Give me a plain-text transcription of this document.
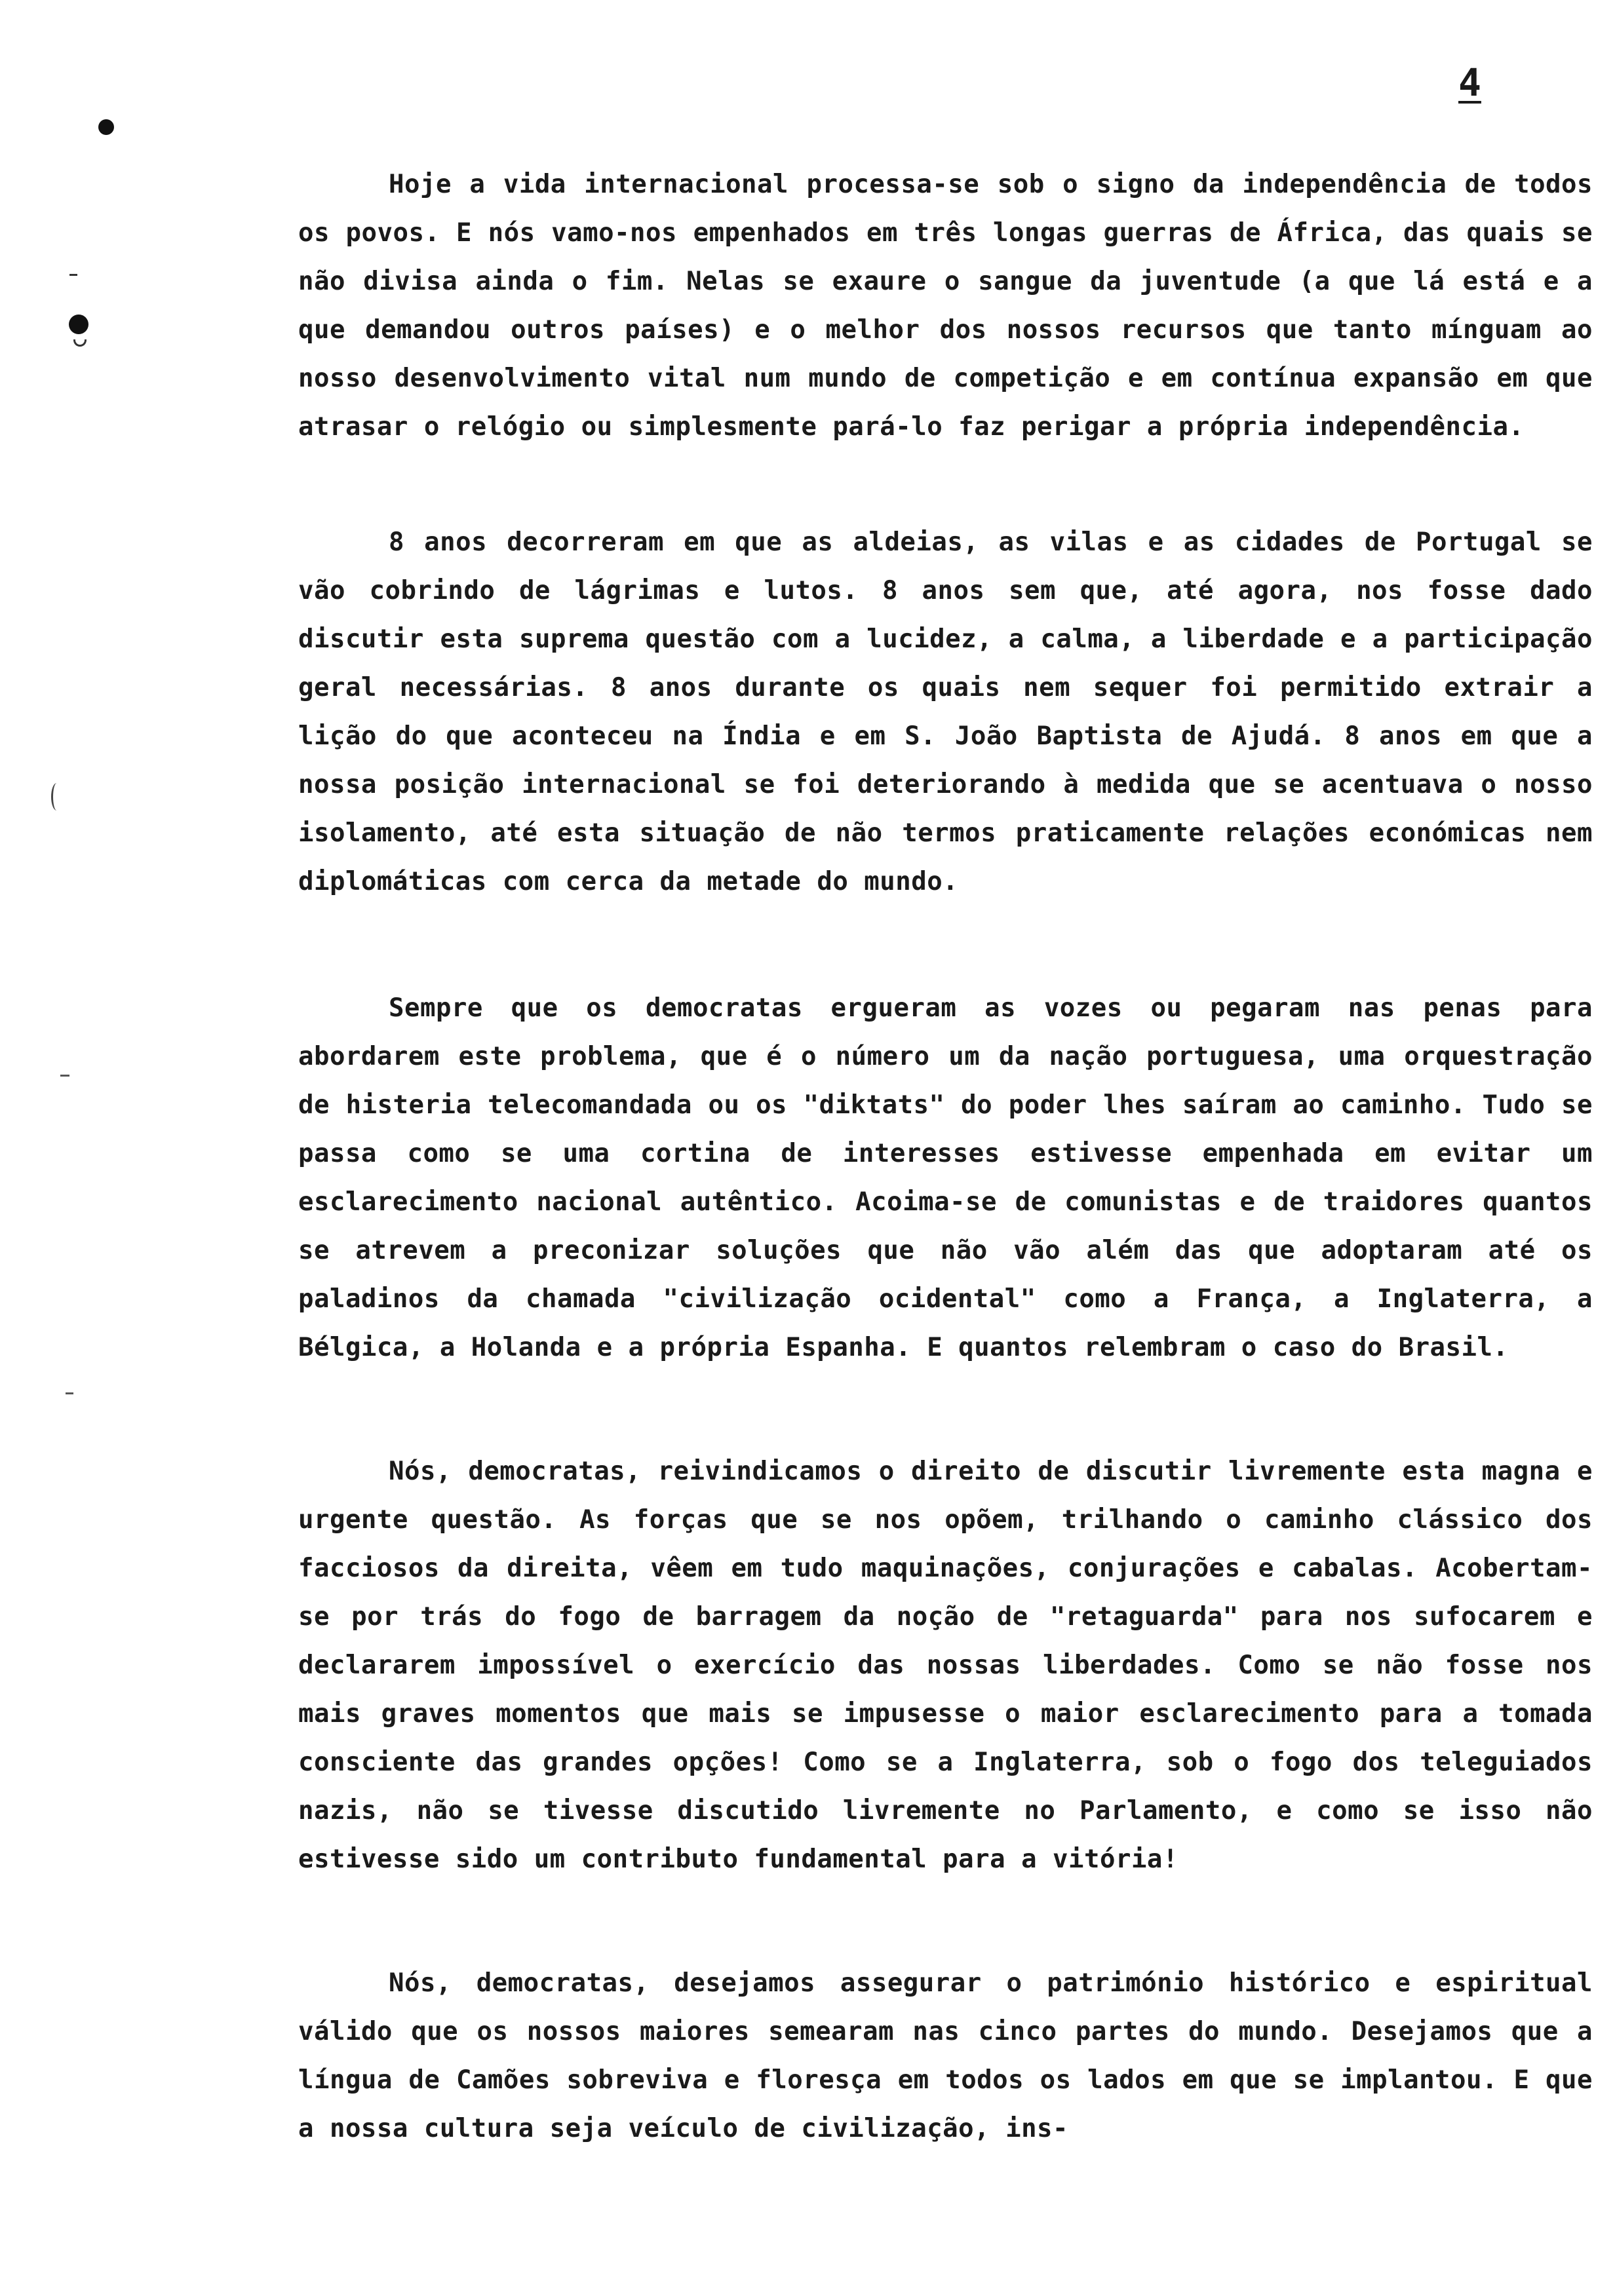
4

Hoje a vida internacional processa-se sob o signo da independência de todos os povos. E nós vamo-nos empenhados em três longas guerras de África, das quais se não divisa ainda o fim. Nelas se exaure o sangue da juventude (a que lá está e a que demandou outros países) e o melhor dos nossos recursos que tanto mínguam ao nosso desenvolvimento vital num mundo de competição e em contínua expansão em que atrasar o relógio ou simplesmente pará-lo faz perigar a própria independência.

8 anos decorreram em que as aldeias, as vilas e as cidades de Portugal se vão cobrindo de lágrimas e lutos. 8 anos sem que, até agora, nos fosse dado discutir esta suprema questão com a lucidez, a calma, a liberdade e a participação geral necessárias. 8 anos durante os quais nem sequer foi permitido extrair a lição do que aconteceu na Índia e em S. João Baptista de Ajudá. 8 anos em que a nossa posição internacional se foi deteriorando à medida que se acentuava o nosso isolamento, até esta situação de não termos praticamente relações económicas nem diplomáticas com cerca da metade do mundo.

Sempre que os democratas ergueram as vozes ou pegaram nas penas para abordarem este problema, que é o número um da nação portuguesa, uma orquestração de histeria telecomandada ou os "diktats" do poder lhes saíram ao caminho. Tudo se passa como se uma cortina de interesses estivesse empenhada em evitar um esclarecimento nacional autêntico. Acoima-se de comunistas e de traidores quantos se atrevem a preconizar soluções que não vão além das que adoptaram até os paladinos da chamada "civilização ocidental" como a França, a Inglaterra, a Bélgica, a Holanda e a própria Espanha. E quantos relembram o caso do Brasil.

Nós, democratas, reivindicamos o direito de discutir livremente esta magna e urgente questão. As forças que se nos opõem, trilhando o caminho clássico dos facciosos da direita, vêem em tudo maquinações, conjurações e cabalas. Acobertam-se por trás do fogo de barragem da noção de "retaguarda" para nos sufocarem e declararem impossível o exercício das nossas liberdades. Como se não fosse nos mais graves momentos que mais se impusesse o maior esclarecimento para a tomada consciente das grandes opções! Como se a Inglaterra, sob o fogo dos teleguiados nazis, não se tivesse discutido livremente no Parlamento, e como se isso não estivesse sido um contributo fundamental para a vitória!

Nós, democratas, desejamos assegurar o património histórico e espiritual válido que os nossos maiores semearam nas cinco partes do mundo. Desejamos que a língua de Camões sobreviva e floresça em todos os lados em que se implantou. E que a nossa cultura seja veículo de civilização, ins-
